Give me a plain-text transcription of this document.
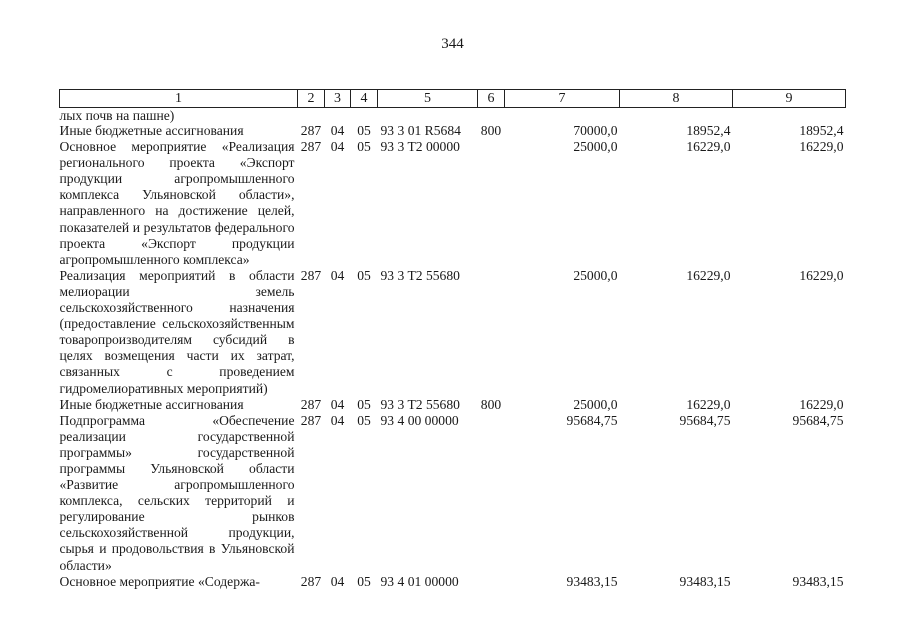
344
1	2	3	4	5	6	7	8	9
лых почв на пашне)								
Иные бюджетные ассигнования	287	04	05	93 3 01 R5684	800	70000,0	18952,4	18952,4
Основное мероприятие «Реализация регионального проекта «Экспорт продукции агропромышленного комплекса Ульяновской области», направленного на достижение целей, показателей и результатов федерального проекта «Экспорт продукции агропромышленного комплекса»	287	04	05	93 3 T2 00000		25000,0	16229,0	16229,0
Реализация мероприятий в области мелиорации земель сельскохозяйственного назначения (предоставление сельскохозяйственным товаропроизводителям субсидий в целях возмещения части их затрат, связанных с проведением гидромелиоративных мероприятий)	287	04	05	93 3 T2 55680		25000,0	16229,0	16229,0
Иные бюджетные ассигнования	287	04	05	93 3 T2 55680	800	25000,0	16229,0	16229,0
Подпрограмма «Обеспечение реализации государственной программы» государственной программы Ульяновской области «Развитие агропромышленного комплекса, сельских территорий и регулирование рынков сельскохозяйственной продукции, сырья и продовольствия в Ульяновской области»	287	04	05	93 4 00 00000		95684,75	95684,75	95684,75
Основное мероприятие «Содержа-	287	04	05	93 4 01 00000		93483,15	93483,15	93483,15
